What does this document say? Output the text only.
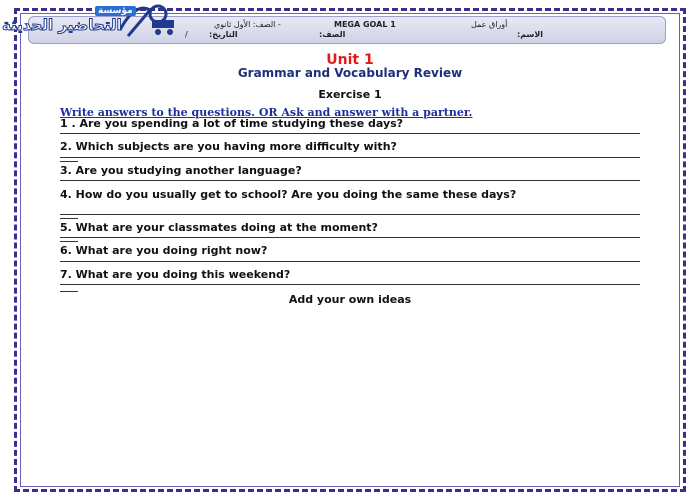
أوراق عمل
MEGA GOAL 1
- الصف: الأول ثانوي
الاسم:
الصف:
التاريخ:
/
مؤسسة
التحاضير الحديثة
Unit 1
Grammar and Vocabulary Review
Exercise 1
Write answers to the questions. OR Ask and answer with a partner.
1 . Are you spending a lot of time studying these days?
2. Which subjects are you having more difficulty with?
3. Are you studying another language?
4. How do you usually get to school? Are you doing the same these days?
5. What are your classmates doing at the moment?
6. What are you doing right now?
7. What are you doing this weekend?
Add your own ideas
